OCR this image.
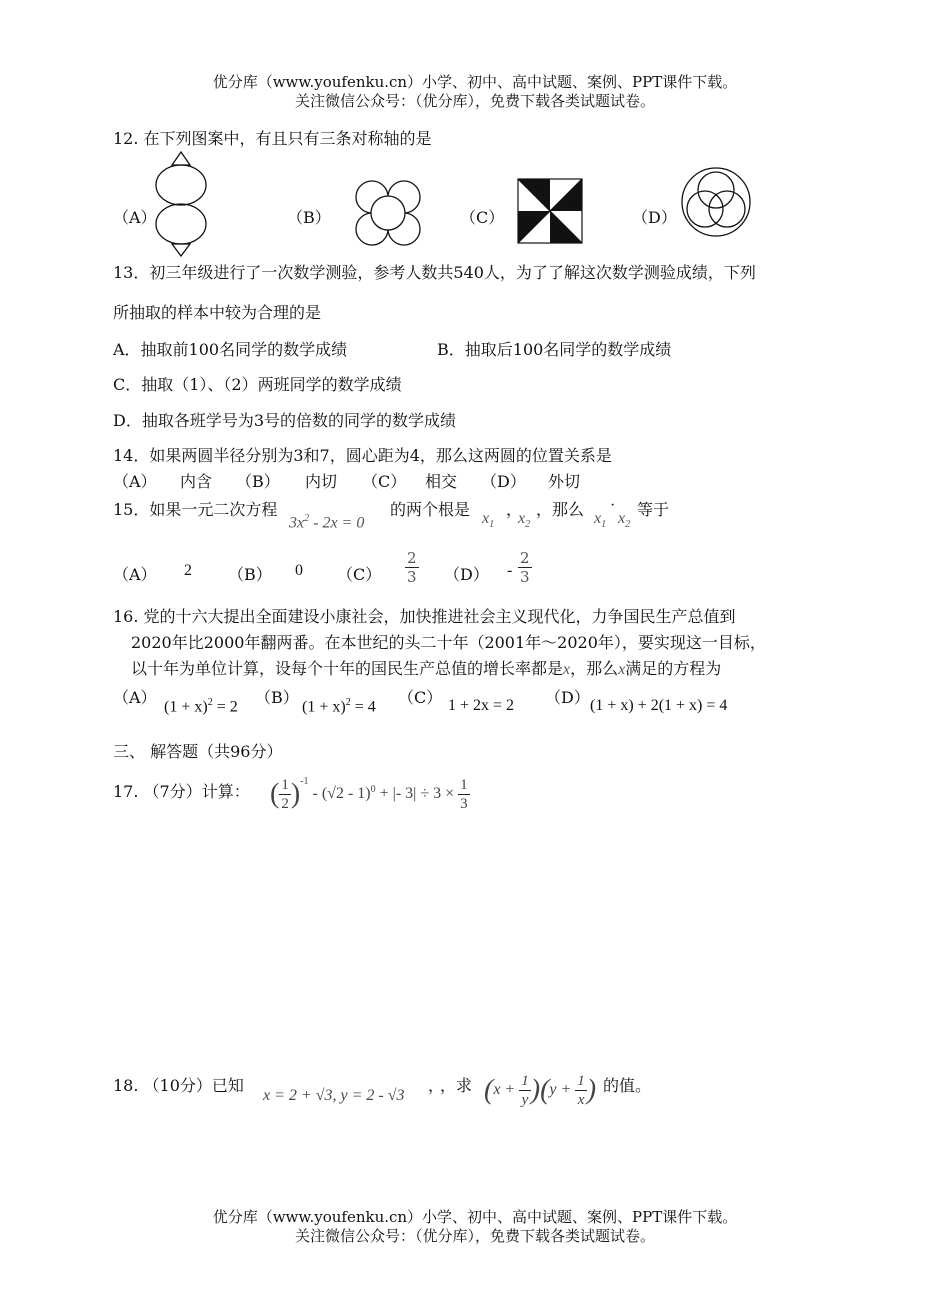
优分库（www.youfenku.cn）小学、初中、高中试题、案例、PPT课件下载。
关注微信公众号：（优分库），免费下载各类试题试卷。
12. 在下列图案中，有且只有三条对称轴的是
（A）	（B）	（C）	（D）
13．初三年级进行了一次数学测验，参考人数共540人，为了了解这次数学测验成绩，下列
所抽取的样本中较为合理的是
A．抽取前100名同学的数学成绩	B．抽取后100名同学的数学成绩
C．抽取（1）、（2）两班同学的数学成绩
D．抽取各班学号为3号的倍数的同学的数学成绩
14．如果两圆半径分别为3和7，圆心距为4，那么这两圆的位置关系是
（A） 内含 （B） 内切 （C） 相交 （D） 外切
15．如果一元二次方程
$3x^2 - 2x = 0$
的两个根是 $x_1$
，
$x_2$
，那么 $x_1$
·
$x_2$
等于
（A） 2 （B） 0 $(C) \frac{2}{3} (D) - \frac{2}{3}$
16. 党的十六大提出全面建设小康社会，加快推进社会主义现代化，力争国民生产总值到
2020年比2000年翻两番。在本世纪的头二十年（2001年～2020年），要实现这一目标，
以十年为单位计算，设每个十年的国民生产总值的增长率都是x，那么x满足的方程为
（A） $(1 + x)^2 = 2$ （B） $(1 + x)^2 = 4$ （C） 1 + 2x = 2 （D） (1 + x) + 2(1 + x) = 4
三、 解答题（共96分）
17. （7分）计算： ( $\frac{1}{2} )^{-1} - (√2 - 1)^0$ + |- $3| \div 3 \times \frac{1}{3}$
18. （10分）已知
x = 2 + √3, y = 2 - √3
，
，求 $(x + \frac{1}{y} )(y + \frac{1}{x}$ ) 的值。
优分库（www.youfenku.cn）小学、初中、高中试题、案例、PPT课件下载。
关注微信公众号：（优分库），免费下载各类试题试卷。
